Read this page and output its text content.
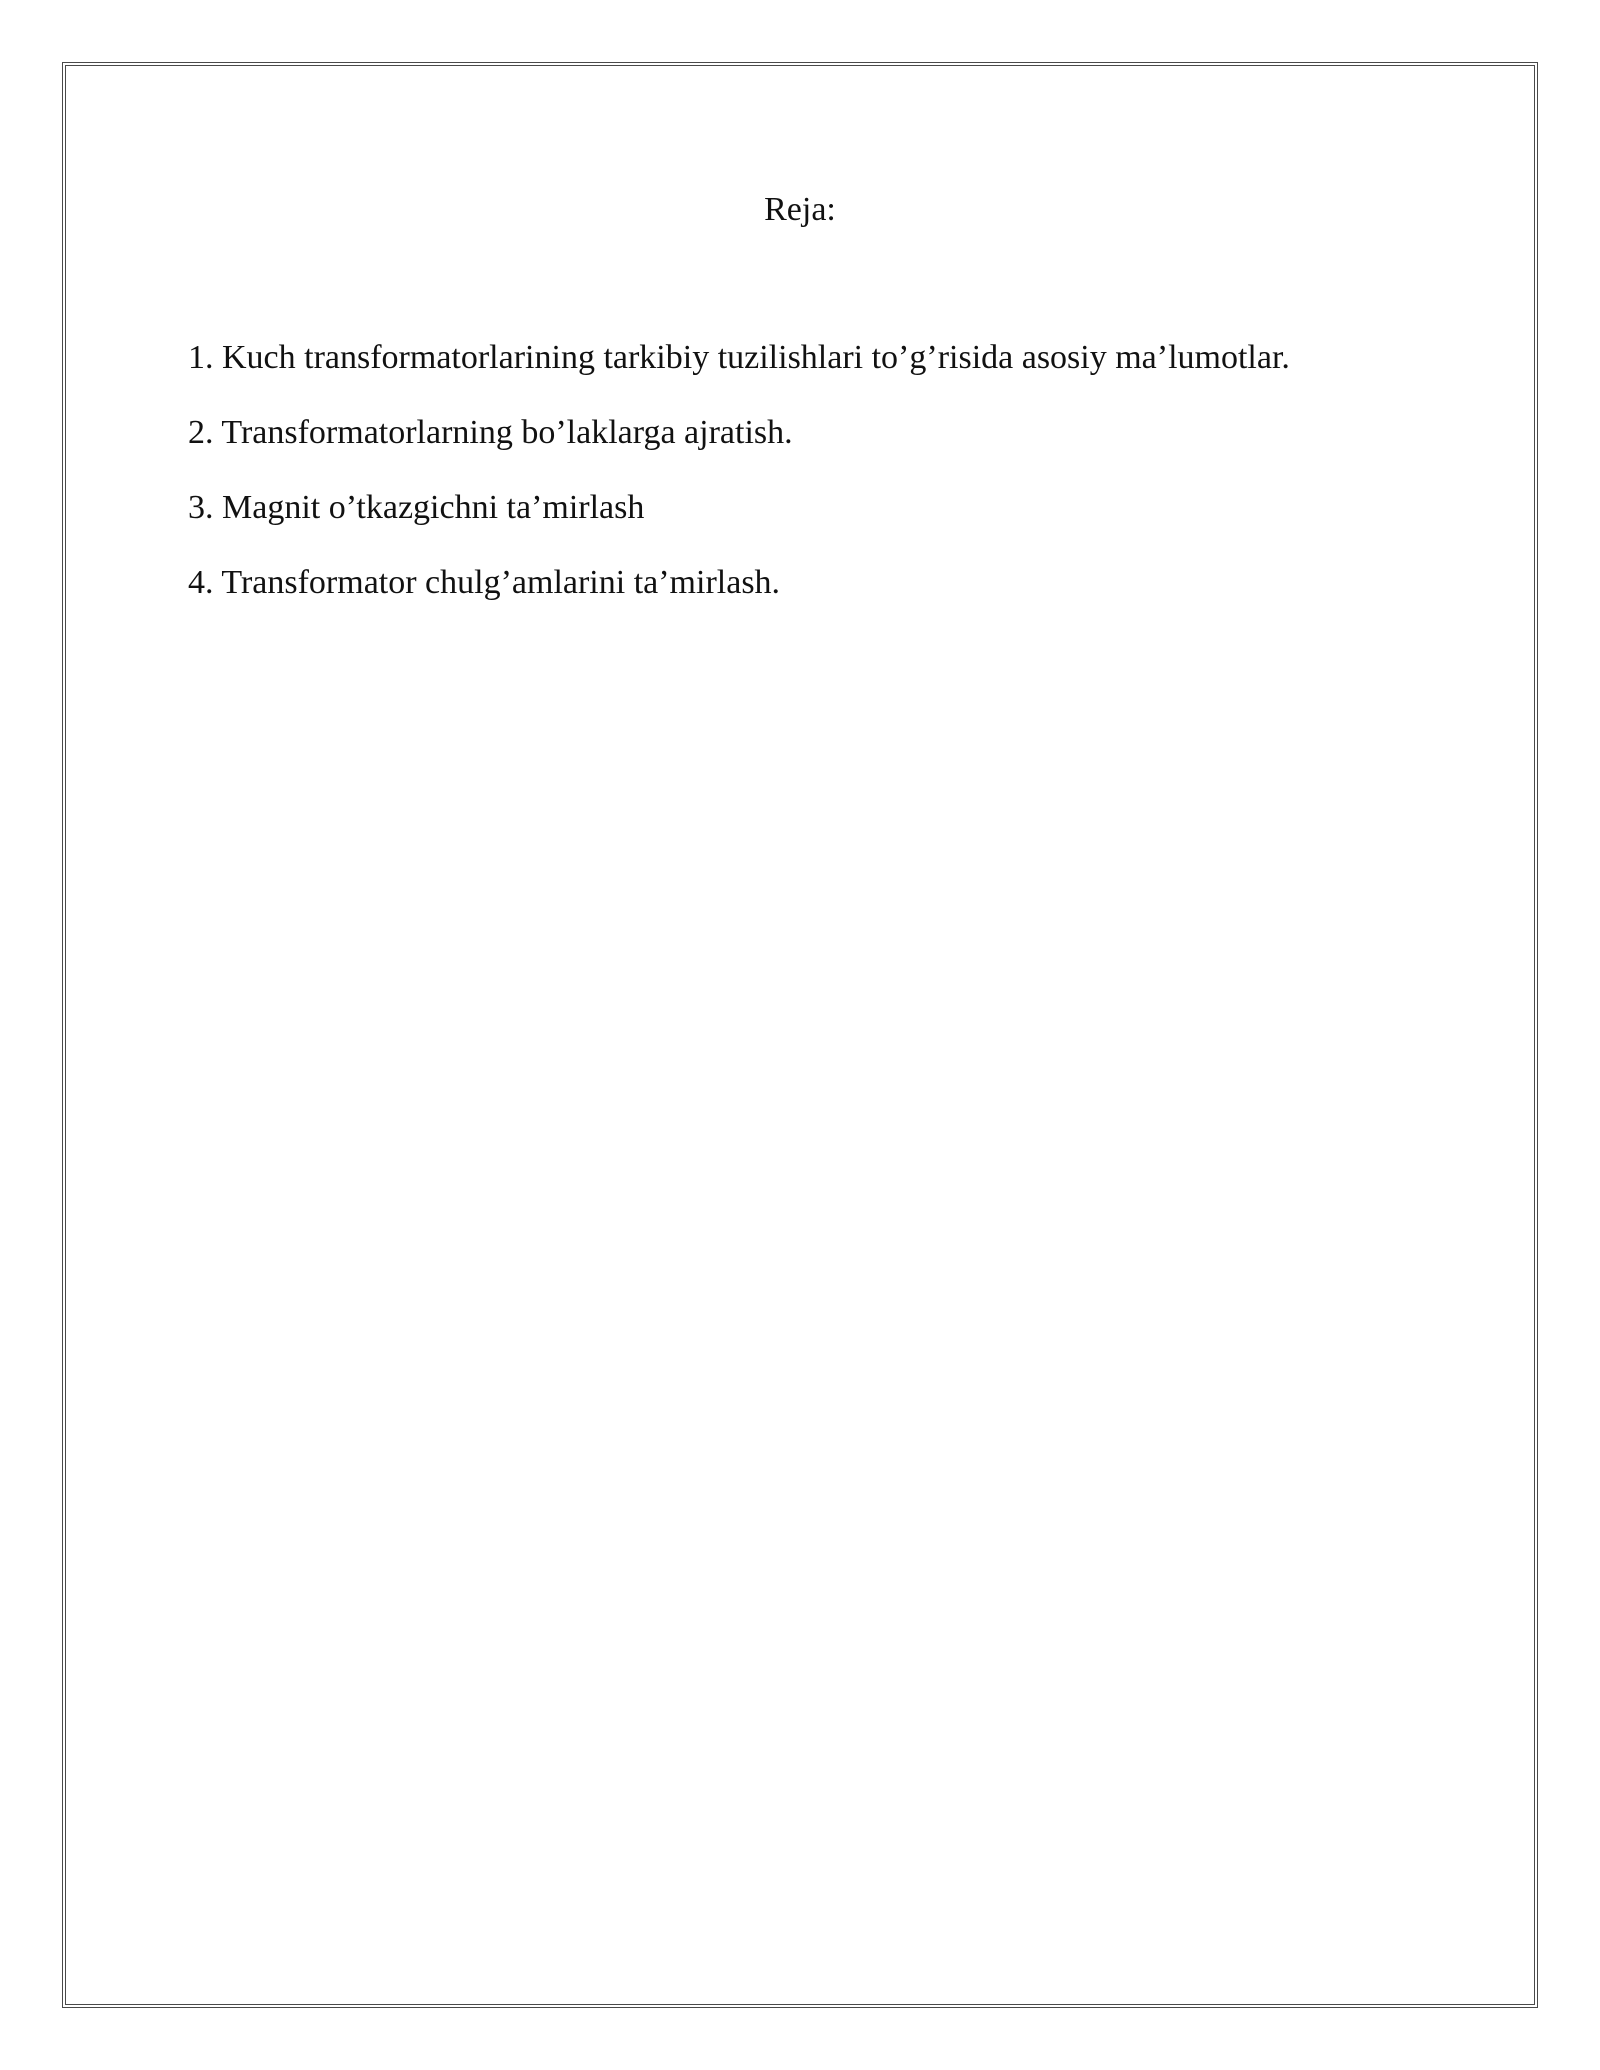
Reja:
1. Kuch transformatorlarining tarkibiy tuzilishlari to’g’risida asosiy ma’lumotlar.
2. Transformatorlarning bo’laklarga ajratish.
3. Magnit o’tkazgichni ta’mirlash
4. Transformator chulg’amlarini ta’mirlash.
